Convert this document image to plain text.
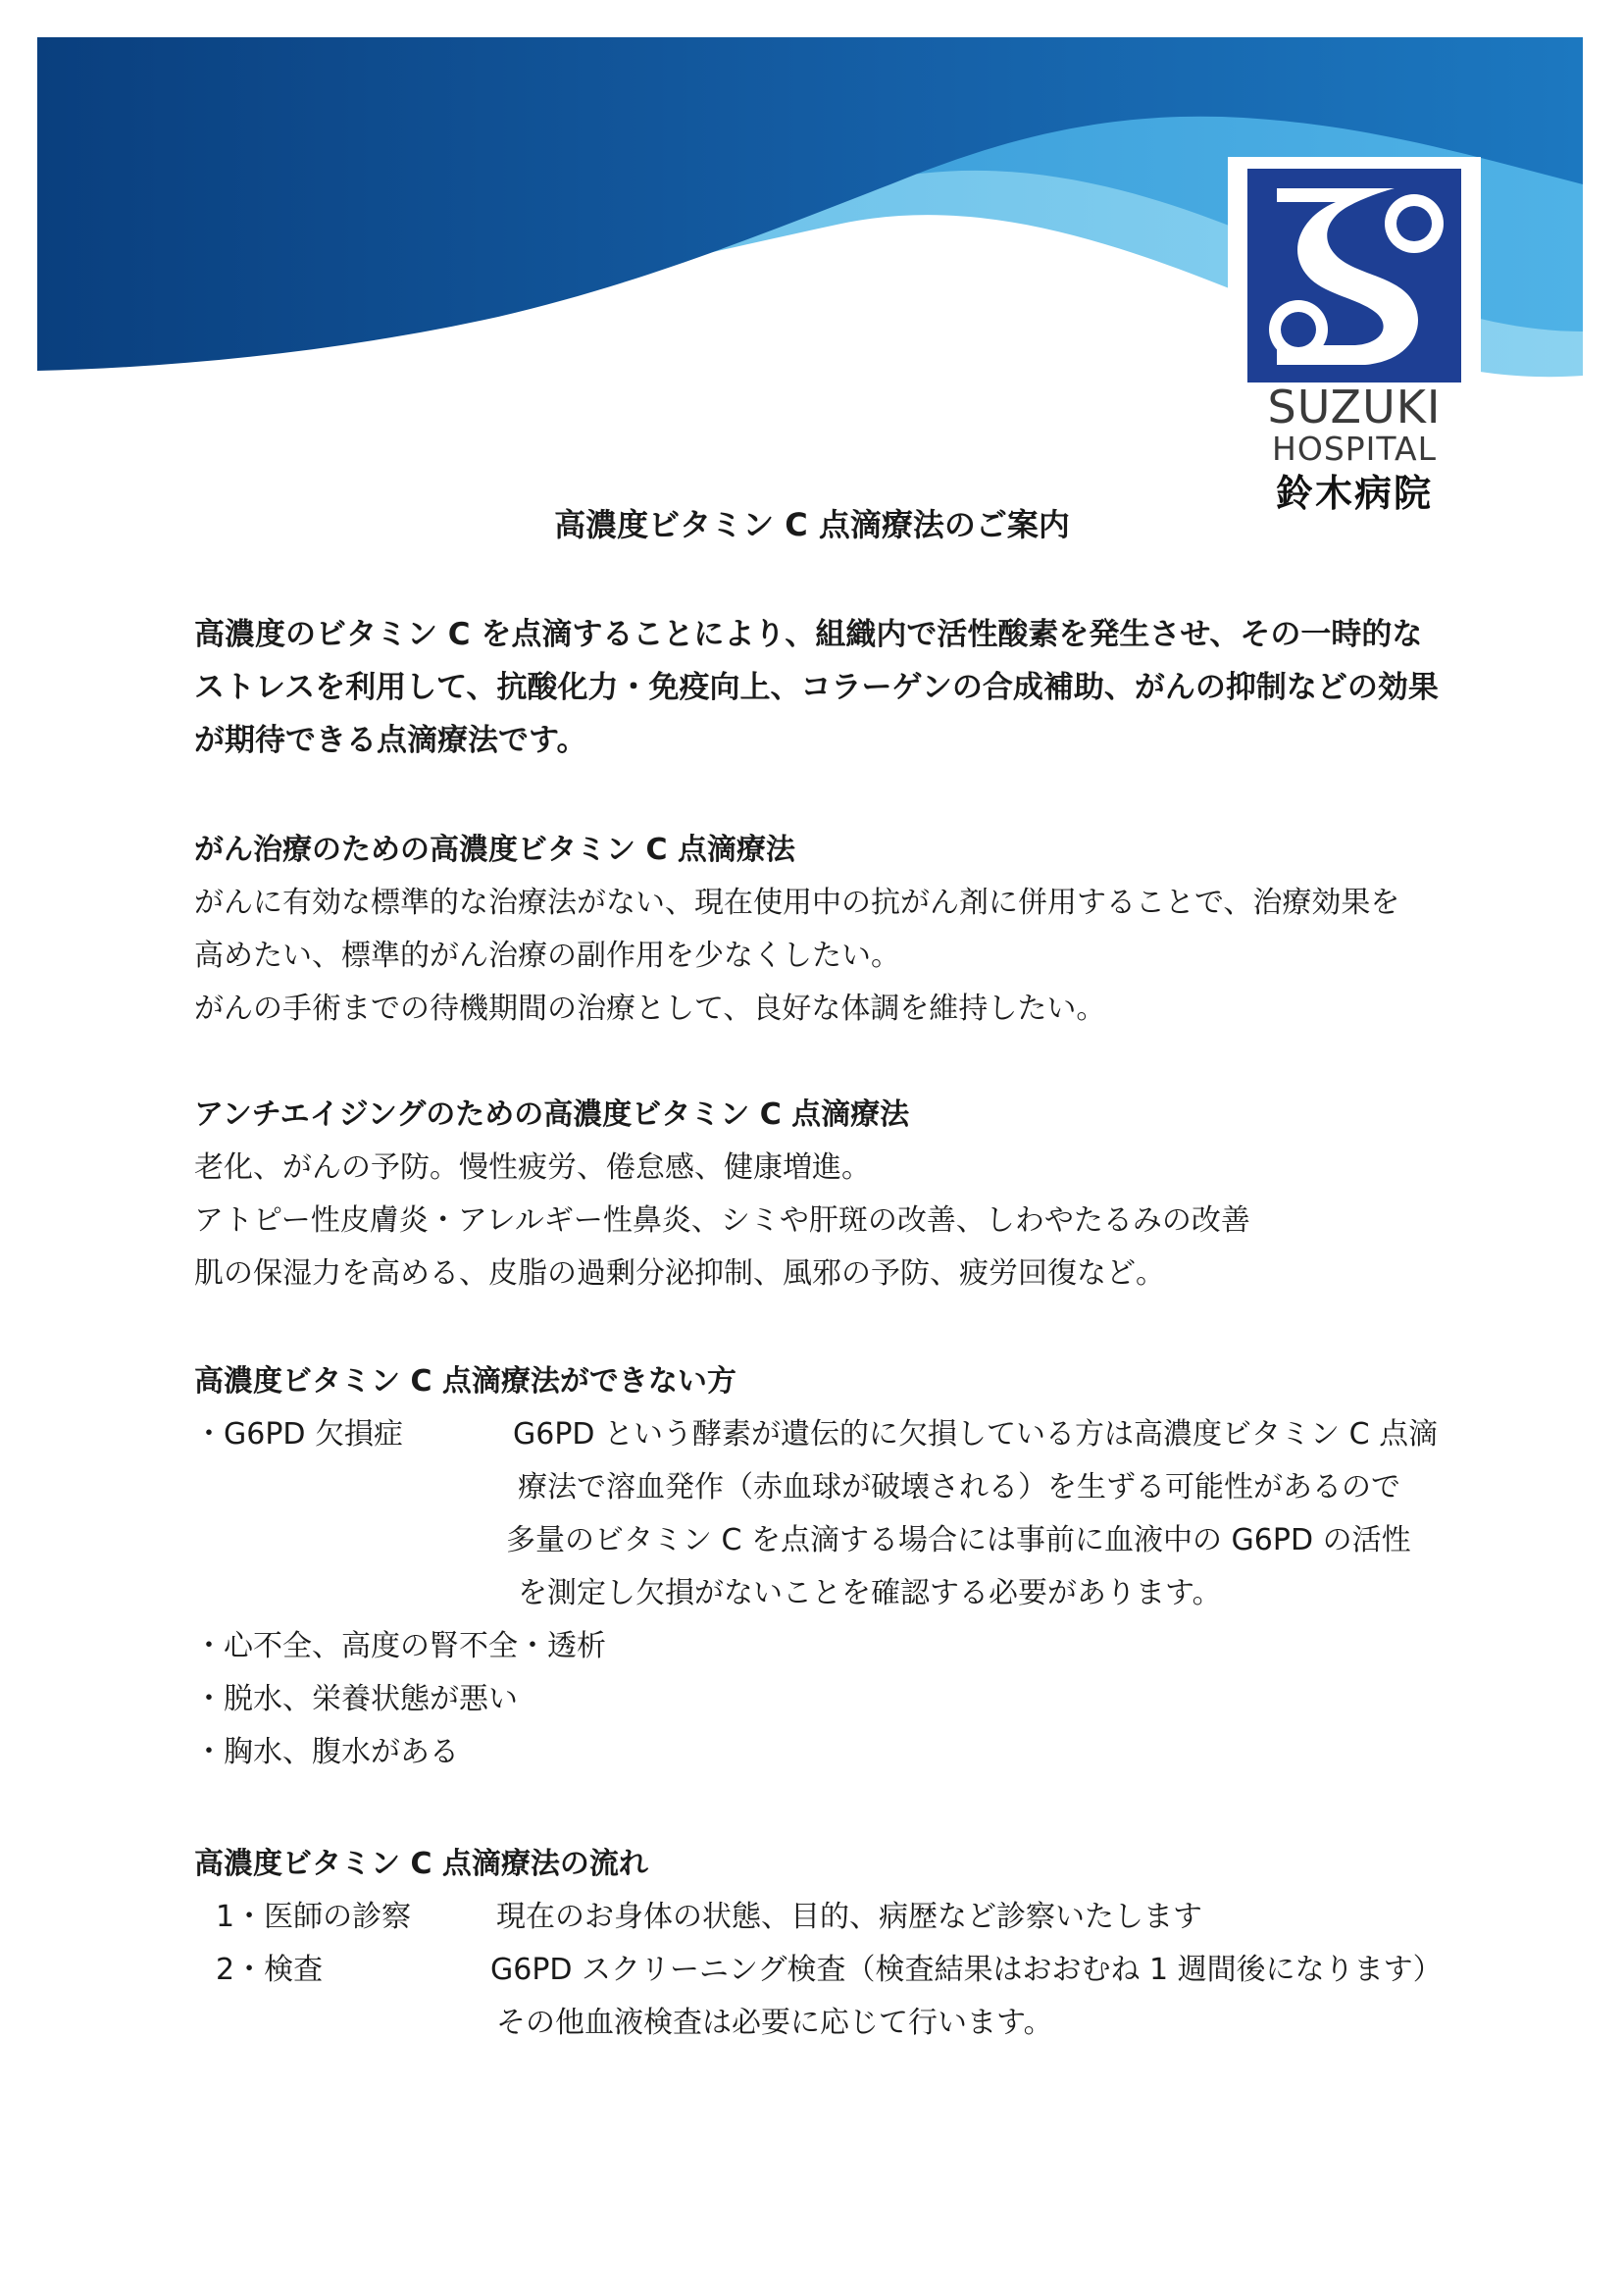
SUZUKI
HOSPITAL
鈴木病院
高濃度ビタミン C 点滴療法のご案内
高濃度のビタミン C を点滴することにより、組織内で活性酸素を発生させ、その一時的なストレスを利用して、抗酸化力・免疫向上、コラーゲンの合成補助、がんの抑制などの効果が期待できる点滴療法です。
がん治療のための高濃度ビタミン C 点滴療法
がんに有効な標準的な治療法がない、現在使用中の抗がん剤に併用することで、治療効果を
高めたい、標準的がん治療の副作用を少なくしたい。
がんの手術までの待機期間の治療として、良好な体調を維持したい。
アンチエイジングのための高濃度ビタミン C 点滴療法
老化、がんの予防。慢性疲労、倦怠感、健康増進。
アトピー性皮膚炎・アレルギー性鼻炎、シミや肝斑の改善、しわやたるみの改善
肌の保湿力を高める、皮脂の過剰分泌抑制、風邪の予防、疲労回復など。
高濃度ビタミン C 点滴療法ができない方
・G6PD 欠損症	G6PD という酵素が遺伝的に欠損している方は高濃度ビタミン C 点滴
療法で溶血発作（赤血球が破壊される）を生ずる可能性があるので
多量のビタミン C を点滴する場合には事前に血液中の G6PD の活性
を測定し欠損がないことを確認する必要があります。
・心不全、高度の腎不全・透析
・脱水、栄養状態が悪い
・胸水、腹水がある
高濃度ビタミン C 点滴療法の流れ
1・医師の診察	現在のお身体の状態、目的、病歴など診察いたします
2・検査	G6PD スクリーニング検査（検査結果はおおむね 1 週間後になります）
その他血液検査は必要に応じて行います。
